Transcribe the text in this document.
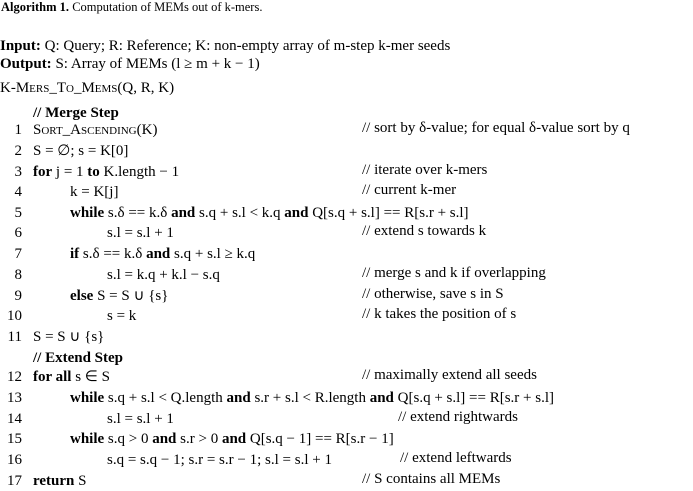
Algorithm 1. Computation of MEMs out of k-mers.
Input: Q: Query; R: Reference; K: non-empty array of m-step k-mer seeds
Output: S: Array of MEMs (l ≥ m + k − 1)
K-Mers_To_Mems(Q, R, K)
// Merge Step
// Extend Step
1 Sort_Ascending(K)	// sort by δ-value; for equal δ-value sort by q
2 S = ∅; s = K[0]
3 for j = 1 to K.length − 1	// iterate over k-mers
4	k = K[j]	// current k-mer
5	while s.δ == k.δ and s.q + s.l < k.q and Q[s.q + s.l] == R[s.r + s.l]
6	s.l = s.l + 1	// extend s towards k
7	if s.δ == k.δ and s.q + s.l ≥ k.q
8	s.l = k.q + k.l − s.q	// merge s and k if overlapping
9	else S = S ∪ {s}	// otherwise, save s in S
10	s = k	// k takes the position of s
11 S = S ∪ {s}
12 for all s ∈ S	// maximally extend all seeds
13	while s.q + s.l < Q.length and s.r + s.l < R.length and Q[s.q + s.l] == R[s.r + s.l]
14	s.l = s.l + 1	// extend rightwards
15	while s.q > 0 and s.r > 0 and Q[s.q − 1] == R[s.r − 1]
16	s.q = s.q − 1; s.r = s.r − 1; s.l = s.l + 1	// extend leftwards
17 return S	// S contains all MEMs
